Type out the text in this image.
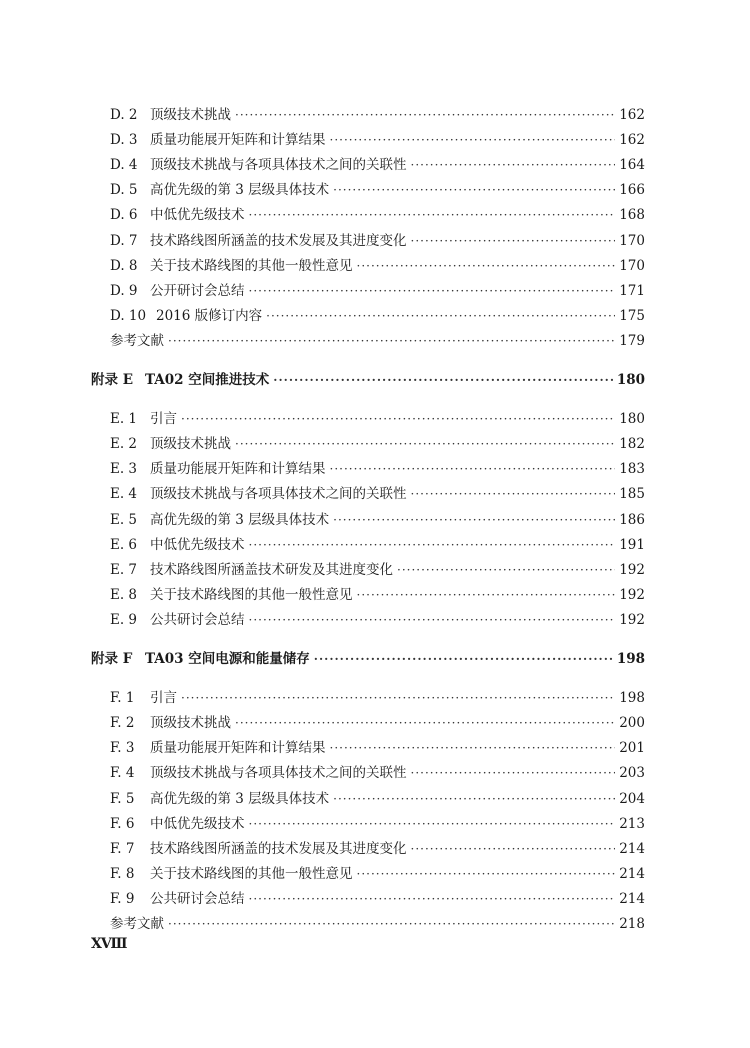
D. 2 顶级技术挑战 ·····	162
D. 3 质量功能展开矩阵和计算结果 ·····	162
D. 4 顶级技术挑战与各项具体技术之间的关联性 ·····	164
D. 5 高优先级的第 3 层级具体技术 ·····	166
D. 6 中低优先级技术 ·····	168
D. 7 技术路线图所涵盖的技术发展及其进度变化 ·····	170
D. 8 关于技术路线图的其他一般性意见 ·····	170
D. 9 公开研讨会总结 ·····	171
D. 10 2016 版修订内容 ·····	175
参考文献 ·····	179
附录 E TA02 空间推进技术 ·····	180
E. 1 引言 ·····	180
E. 2 顶级技术挑战 ·····	182
E. 3 质量功能展开矩阵和计算结果 ·····	183
E. 4 顶级技术挑战与各项具体技术之间的关联性 ·····	185
E. 5 高优先级的第 3 层级具体技术 ·····	186
E. 6 中低优先级技术 ·····	191
E. 7 技术路线图所涵盖技术研发及其进度变化 ·····	192
E. 8 关于技术路线图的其他一般性意见 ·····	192
E. 9 公共研讨会总结 ·····	192
附录 F TA03 空间电源和能量储存 ·····	198
F. 1	引言 ·····	198
F. 2	顶级技术挑战 ·····	200
F. 3	质量功能展开矩阵和计算结果 ·····	201
F. 4	顶级技术挑战与各项具体技术之间的关联性 ·····	203
F. 5	高优先级的第 3 层级具体技术 ·····	204
F. 6	中低优先级技术 ·····	213
F. 7	技术路线图所涵盖的技术发展及其进度变化 ·····	214
F. 8	关于技术路线图的其他一般性意见 ·····	214
F. 9	公共研讨会总结 ·····	214
参考文献 ·····	218
XⅧ
